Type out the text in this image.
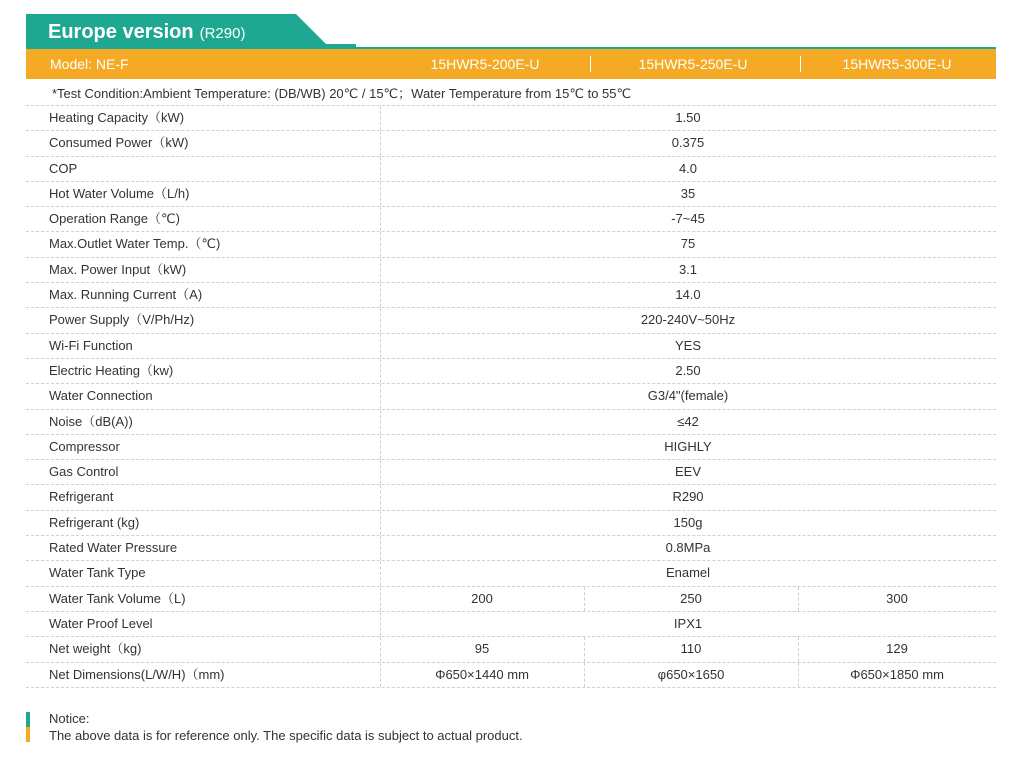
Europe version (R290)
Model: NE-F	15HWR5-200E-U	15HWR5-250E-U	15HWR5-300E-U
*Test Condition:Ambient Temperature: (DB/WB) 20℃ / 15℃；Water Temperature from 15℃ to 55℃
Heating Capacity（kW)	1.50
Consumed Power（kW)	0.375
COP	4.0
Hot Water Volume（L/h)	35
Operation Range（℃)	-7~45
Max.Outlet Water Temp.（℃)	75
Max. Power Input（kW)	3.1
Max. Running Current（A)	14.0
Power Supply（V/Ph/Hz)	220-240V~50Hz
Wi-Fi Function	YES
Electric Heating（kw)	2.50
Water Connection	G3/4"(female)
Noise（dB(A))	≤42
Compressor	HIGHLY
Gas Control	EEV
Refrigerant	R290
Refrigerant (kg)	150g
Rated Water Pressure	0.8MPa
Water Tank Type	Enamel
Water Tank Volume（L)	200	250	300
Water Proof Level	IPX1
Net weight（kg)	95	110	129
Net Dimensions(L/W/H)（mm)	Φ650×1440 mm	φ650×1650	Φ650×1850 mm
Notice:
The above data is for reference only. The specific data is subject to actual product.
